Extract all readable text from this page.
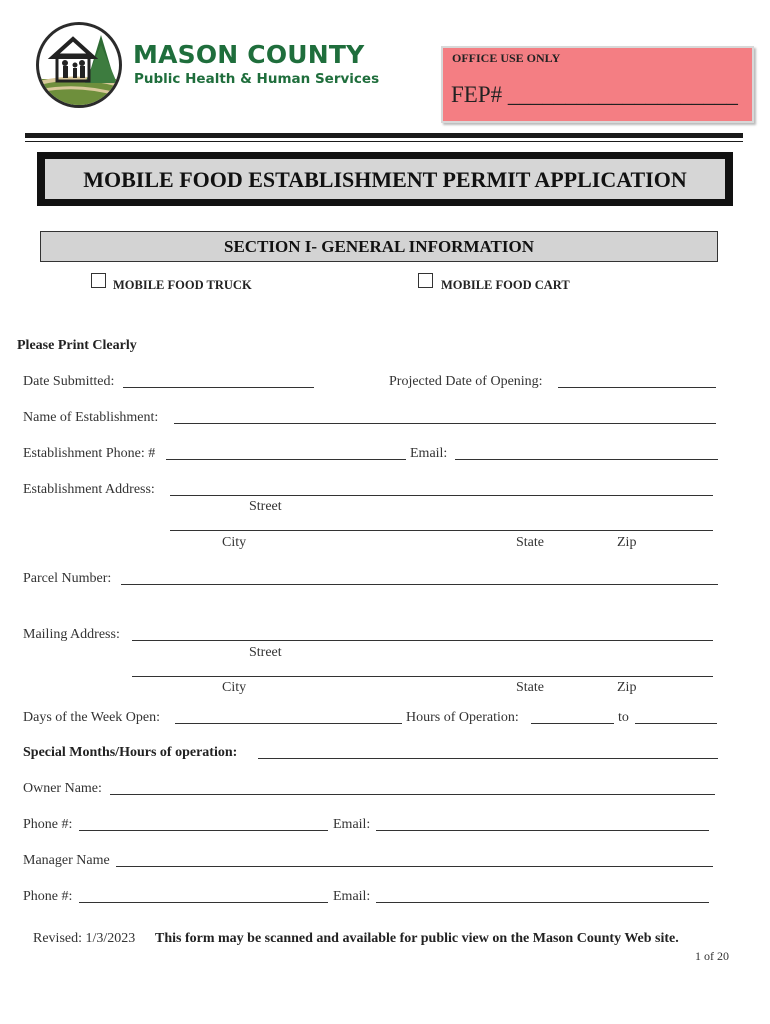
MASON COUNTY
Public Health & Human Services
OFFICE USE ONLY
FEP# ____________________
MOBILE FOOD ESTABLISHMENT PERMIT APPLICATION
SECTION I- GENERAL INFORMATION
MOBILE FOOD TRUCK	MOBILE FOOD CART
Please Print Clearly
Date Submitted:	Projected Date of Opening:
Name of Establishment:
Establishment Phone: #	Email:
Establishment Address:
Street
City	State	Zip
Parcel Number:
Mailing Address:
Street
City	State	Zip
Days of the Week Open:	Hours of Operation:	to
Special Months/Hours of operation:
Owner Name:
Phone #:	Email:
Manager Name
Phone #:	Email:
Revised: 1/3/2023 This form may be scanned and available for public view on the Mason County Web site.
1 of 20
